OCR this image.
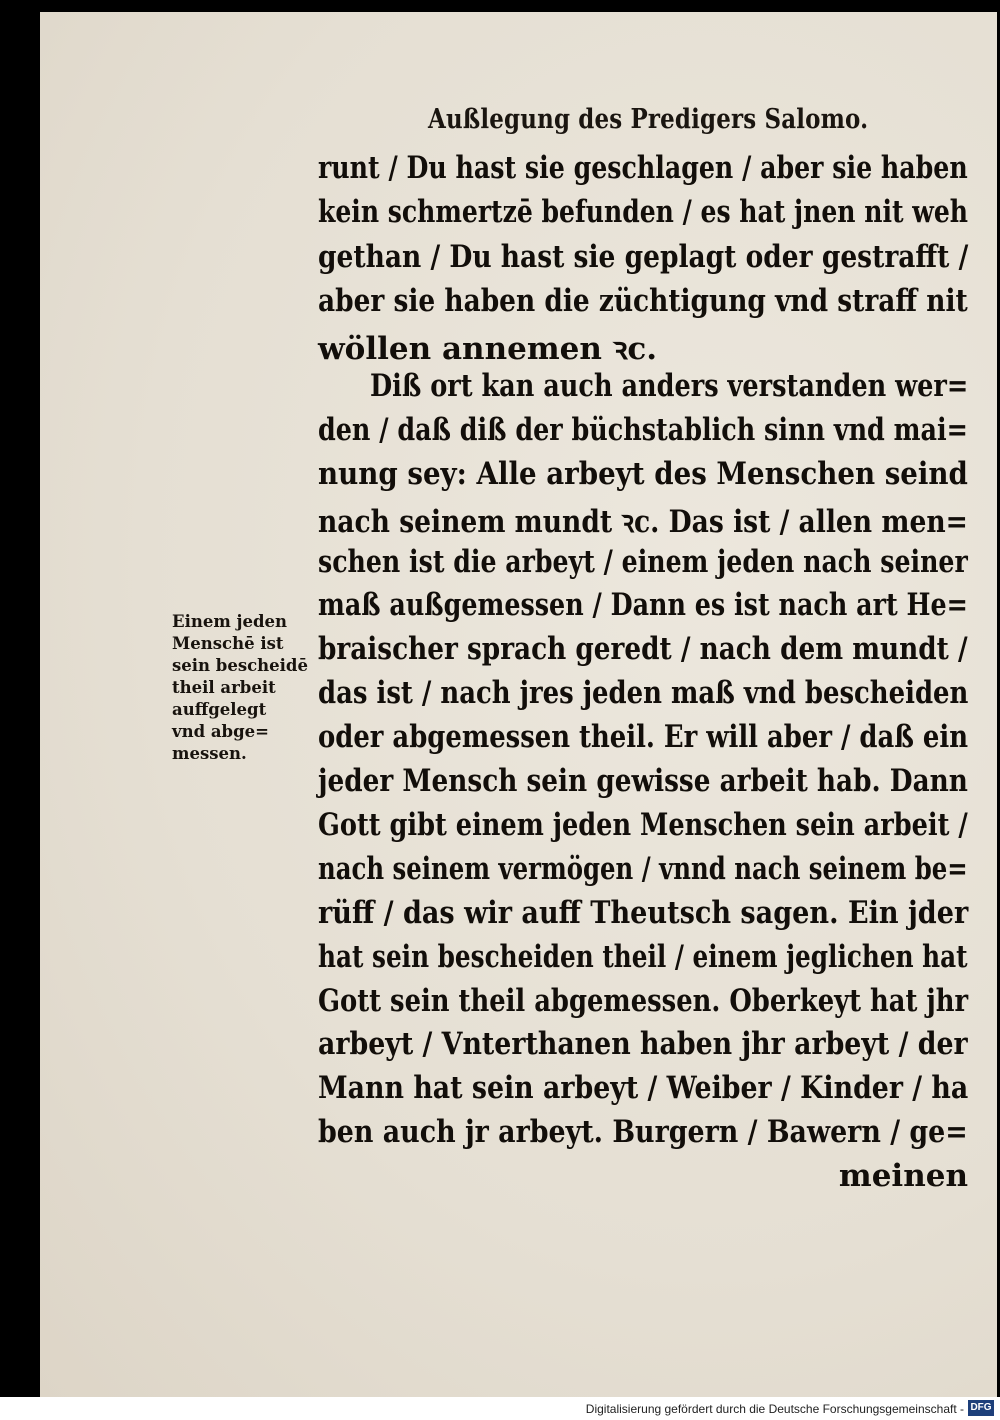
Außlegung des Predigers Salomo.
runt / Du hast sie geschlagen / aber sie haben
kein schmertzē befunden / es hat jnen nit weh
gethan / Du hast sie geplagt oder gestrafft /
aber sie haben die züchtigung vnd straff nit
wöllen annemen ꝛc.
Diß ort kan auch anders verstanden wer=
den / daß diß der büchstablich sinn vnd mai=
nung sey: Alle arbeyt des Menschen seind
nach seinem mundt ꝛc. Das ist / allen men=
schen ist die arbeyt / einem jeden nach seiner
maß außgemessen / Dann es ist nach art He=
braischer sprach geredt / nach dem mundt /
das ist / nach jres jeden maß vnd bescheiden
oder abgemessen theil. Er will aber / daß ein
jeder Mensch sein gewisse arbeit hab. Dann
Gott gibt einem jeden Menschen sein arbeit /
nach seinem vermögen / vnnd nach seinem be=
rüff / das wir auff Theutsch sagen. Ein jder
hat sein bescheiden theil / einem jeglichen hat
Gott sein theil abgemessen. Oberkeyt hat jhr
arbeyt / Vnterthanen haben jhr arbeyt / der
Mann hat sein arbeyt / Weiber / Kinder / ha
ben auch jr arbeyt. Burgern / Bawern / ge=
meinen
Einem jeden
Menschē ist
sein bescheidē
theil arbeit
auffgelegt
vnd abge=
messen.
Digitalisierung gefördert durch die Deutsche Forschungsgemeinschaft - DFG
